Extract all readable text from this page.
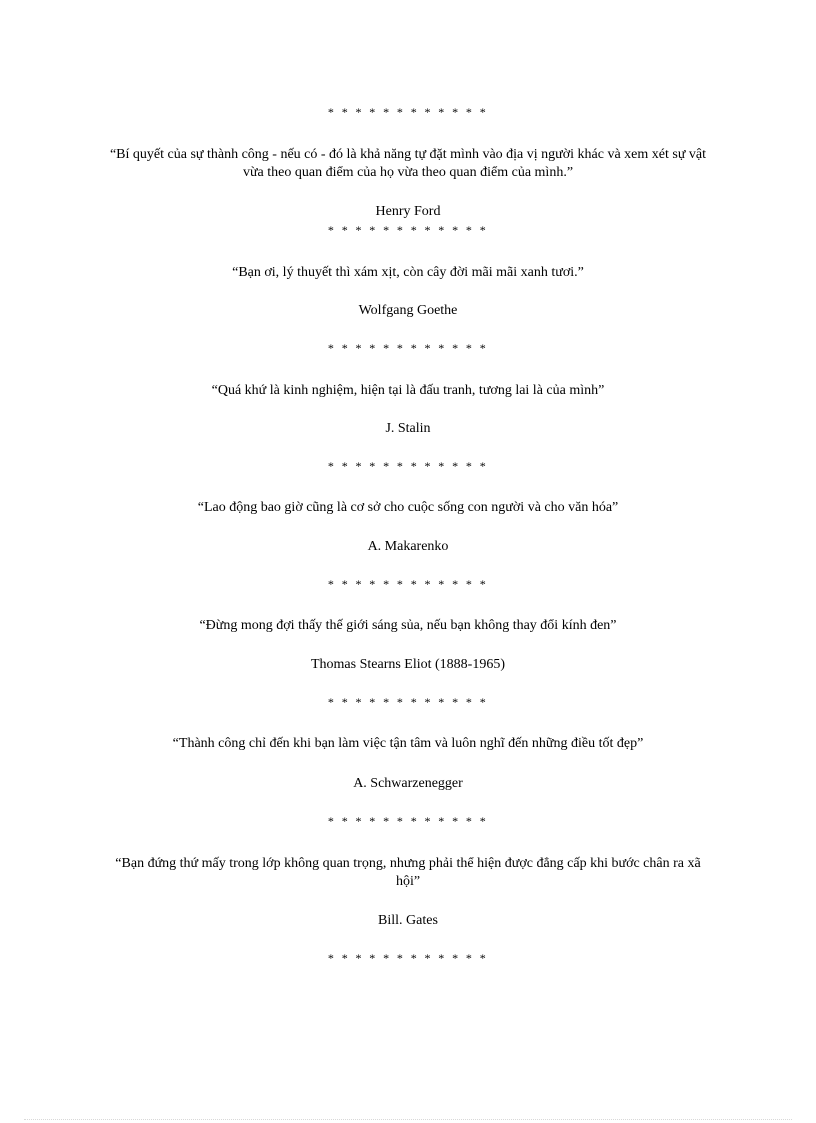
* * * * * * * * * * * *
“Bí quyết của sự thành công - nếu có - đó là khả năng tự đặt mình vào địa vị người khác và xem xét sự vật vừa theo quan điểm của họ vừa theo quan điểm của mình.”
Henry Ford
* * * * * * * * * * * *
“Bạn ơi, lý thuyết thì xám xịt, còn cây đời mãi mãi xanh tươi.”
Wolfgang Goethe
* * * * * * * * * * * *
“Quá khứ là kinh nghiệm, hiện tại là đấu tranh, tương lai là của mình”
J. Stalin
* * * * * * * * * * * *
“Lao động bao giờ cũng là cơ sở cho cuộc sống con người và cho văn hóa”
A. Makarenko
* * * * * * * * * * * *
“Đừng mong đợi thấy thế giới sáng sủa, nếu bạn không thay đổi kính đen”
Thomas Stearns Eliot (1888-1965)
* * * * * * * * * * * *
“Thành công chỉ đến khi bạn làm việc tận tâm và luôn nghĩ đến những điều tốt đẹp”
A. Schwarzenegger
* * * * * * * * * * * *
“Bạn đứng thứ mấy trong lớp không quan trọng, nhưng phải thể hiện được đẳng cấp khi bước chân ra xã hội”
Bill. Gates
* * * * * * * * * * * *
